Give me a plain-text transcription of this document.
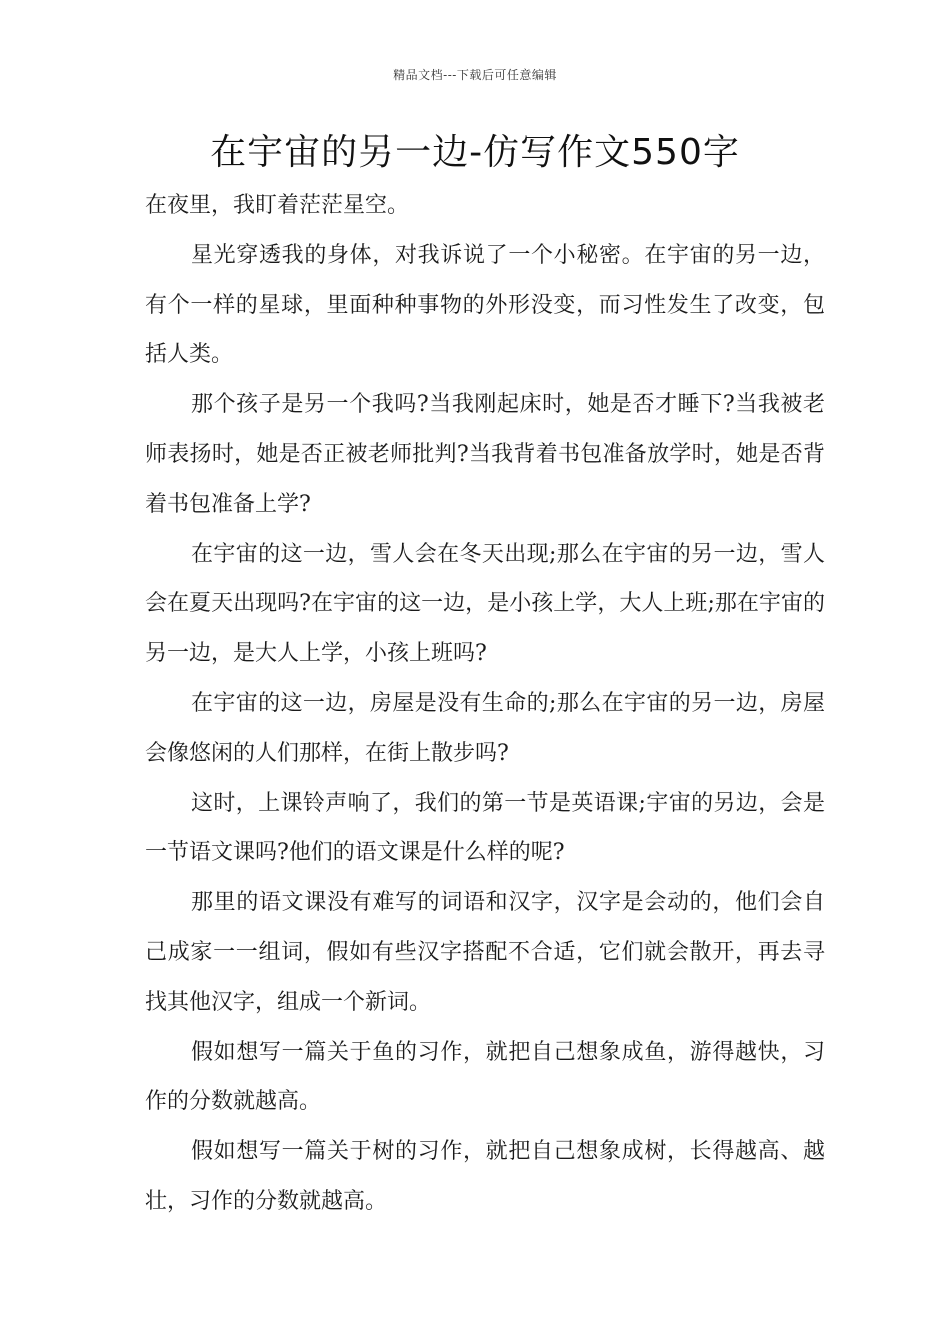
精品文档---下载后可任意编辑
在宇宙的另一边-仿写作文550字

在夜里，我盯着茫茫星空。

星光穿透我的身体，对我诉说了一个小秘密。在宇宙的另一边，有个一样的星球，里面种种事物的外形没变，而习性发生了改变，包括人类。

那个孩子是另一个我吗?当我刚起床时，她是否才睡下?当我被老师表扬时，她是否正被老师批判?当我背着书包准备放学时，她是否背着书包准备上学?

在宇宙的这一边，雪人会在冬天出现;那么在宇宙的另一边，雪人会在夏天出现吗?在宇宙的这一边，是小孩上学，大人上班;那在宇宙的另一边，是大人上学，小孩上班吗?

在宇宙的这一边，房屋是没有生命的;那么在宇宙的另一边，房屋会像悠闲的人们那样，在街上散步吗?

这时，上课铃声响了，我们的第一节是英语课;宇宙的另边，会是一节语文课吗?他们的语文课是什么样的呢?

那里的语文课没有难写的词语和汉字，汉字是会动的，他们会自己成家一一组词，假如有些汉字搭配不合适，它们就会散开，再去寻找其他汉字，组成一个新词。

假如想写一篇关于鱼的习作，就把自己想象成鱼，游得越快，习作的分数就越高。

假如想写一篇关于树的习作，就把自己想象成树，长得越高、越壮，习作的分数就越高。
